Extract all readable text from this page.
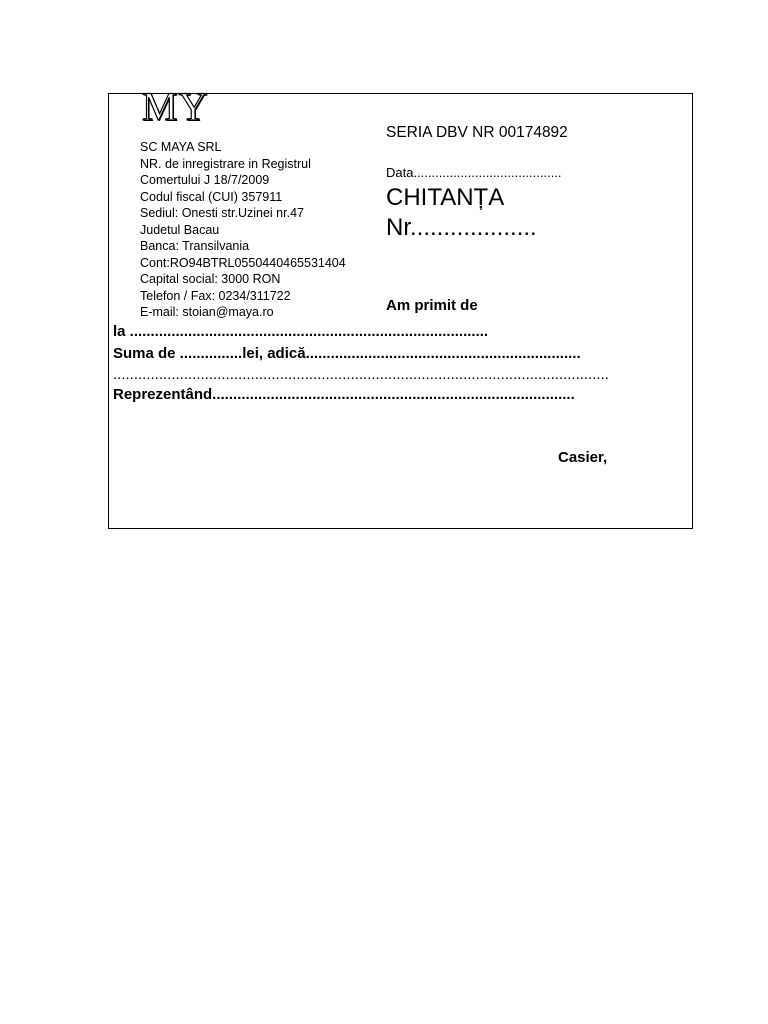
MY
SC MAYA SRL
NR. de inregistrare in Registrul
Comertului J 18/7/2009
Codul fiscal (CUI) 357911
Sediul: Onesti str.Uzinei nr.47
Judetul Bacau
Banca: Transilvania
Cont:RO94BTRL0550440465531404
Capital social: 3000 RON
Telefon / Fax: 0234/311722
E-mail: stoian@maya.ro
SERIA DBV NR 00174892
Data.........................................
CHITANȚA
Nr...................
Am primit de
la ......................................................................................
Suma de ...............lei, adică..................................................................
.......................................................................................................................
Reprezentând.......................................................................................
Casier,
